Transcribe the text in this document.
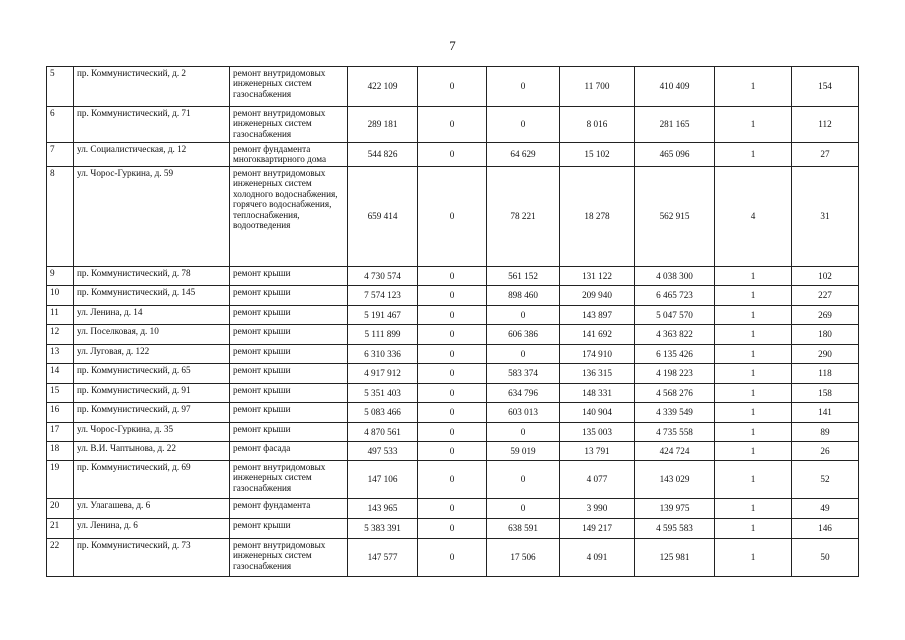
7
5	пр. Коммунистический, д. 2	ремонт внутридомовых инженерных систем газоснабжения	422 109	0	0	11 700	410 409	1	154
6	пр. Коммунистический, д. 71	ремонт внутридомовых инженерных систем газоснабжения	289 181	0	0	8 016	281 165	1	112
7	ул. Социалистическая, д. 12	ремонт фундамента многоквартирного дома	544 826	0	64 629	15 102	465 096	1	27
8	ул. Чорос-Гуркина, д. 59	ремонт внутридомовых инженерных систем холодного водоснабжения, горячего водоснабжения, теплоснабжения, водоотведения	659 414	0	78 221	18 278	562 915	4	31
9	пр. Коммунистический, д. 78	ремонт крыши	4 730 574	0	561 152	131 122	4 038 300	1	102
10	пр. Коммунистический, д. 145	ремонт крыши	7 574 123	0	898 460	209 940	6 465 723	1	227
11	ул. Ленина, д. 14	ремонт крыши	5 191 467	0	0	143 897	5 047 570	1	269
12	ул. Поселковая, д. 10	ремонт крыши	5 111 899	0	606 386	141 692	4 363 822	1	180
13	ул. Луговая, д. 122	ремонт крыши	6 310 336	0	0	174 910	6 135 426	1	290
14	пр. Коммунистический, д. 65	ремонт крыши	4 917 912	0	583 374	136 315	4 198 223	1	118
15	пр. Коммунистический, д. 91	ремонт крыши	5 351 403	0	634 796	148 331	4 568 276	1	158
16	пр. Коммунистический, д. 97	ремонт крыши	5 083 466	0	603 013	140 904	4 339 549	1	141
17	ул. Чорос-Гуркина, д. 35	ремонт крыши	4 870 561	0	0	135 003	4 735 558	1	89
18	ул. В.И. Чаптынова, д. 22	ремонт фасада	497 533	0	59 019	13 791	424 724	1	26
19	пр. Коммунистический, д. 69	ремонт внутридомовых инженерных систем газоснабжения	147 106	0	0	4 077	143 029	1	52
20	ул. Улагашева, д. 6	ремонт фундамента	143 965	0	0	3 990	139 975	1	49
21	ул. Ленина, д. 6	ремонт крыши	5 383 391	0	638 591	149 217	4 595 583	1	146
22	пр. Коммунистический, д. 73	ремонт внутридомовых инженерных систем газоснабжения	147 577	0	17 506	4 091	125 981	1	50
